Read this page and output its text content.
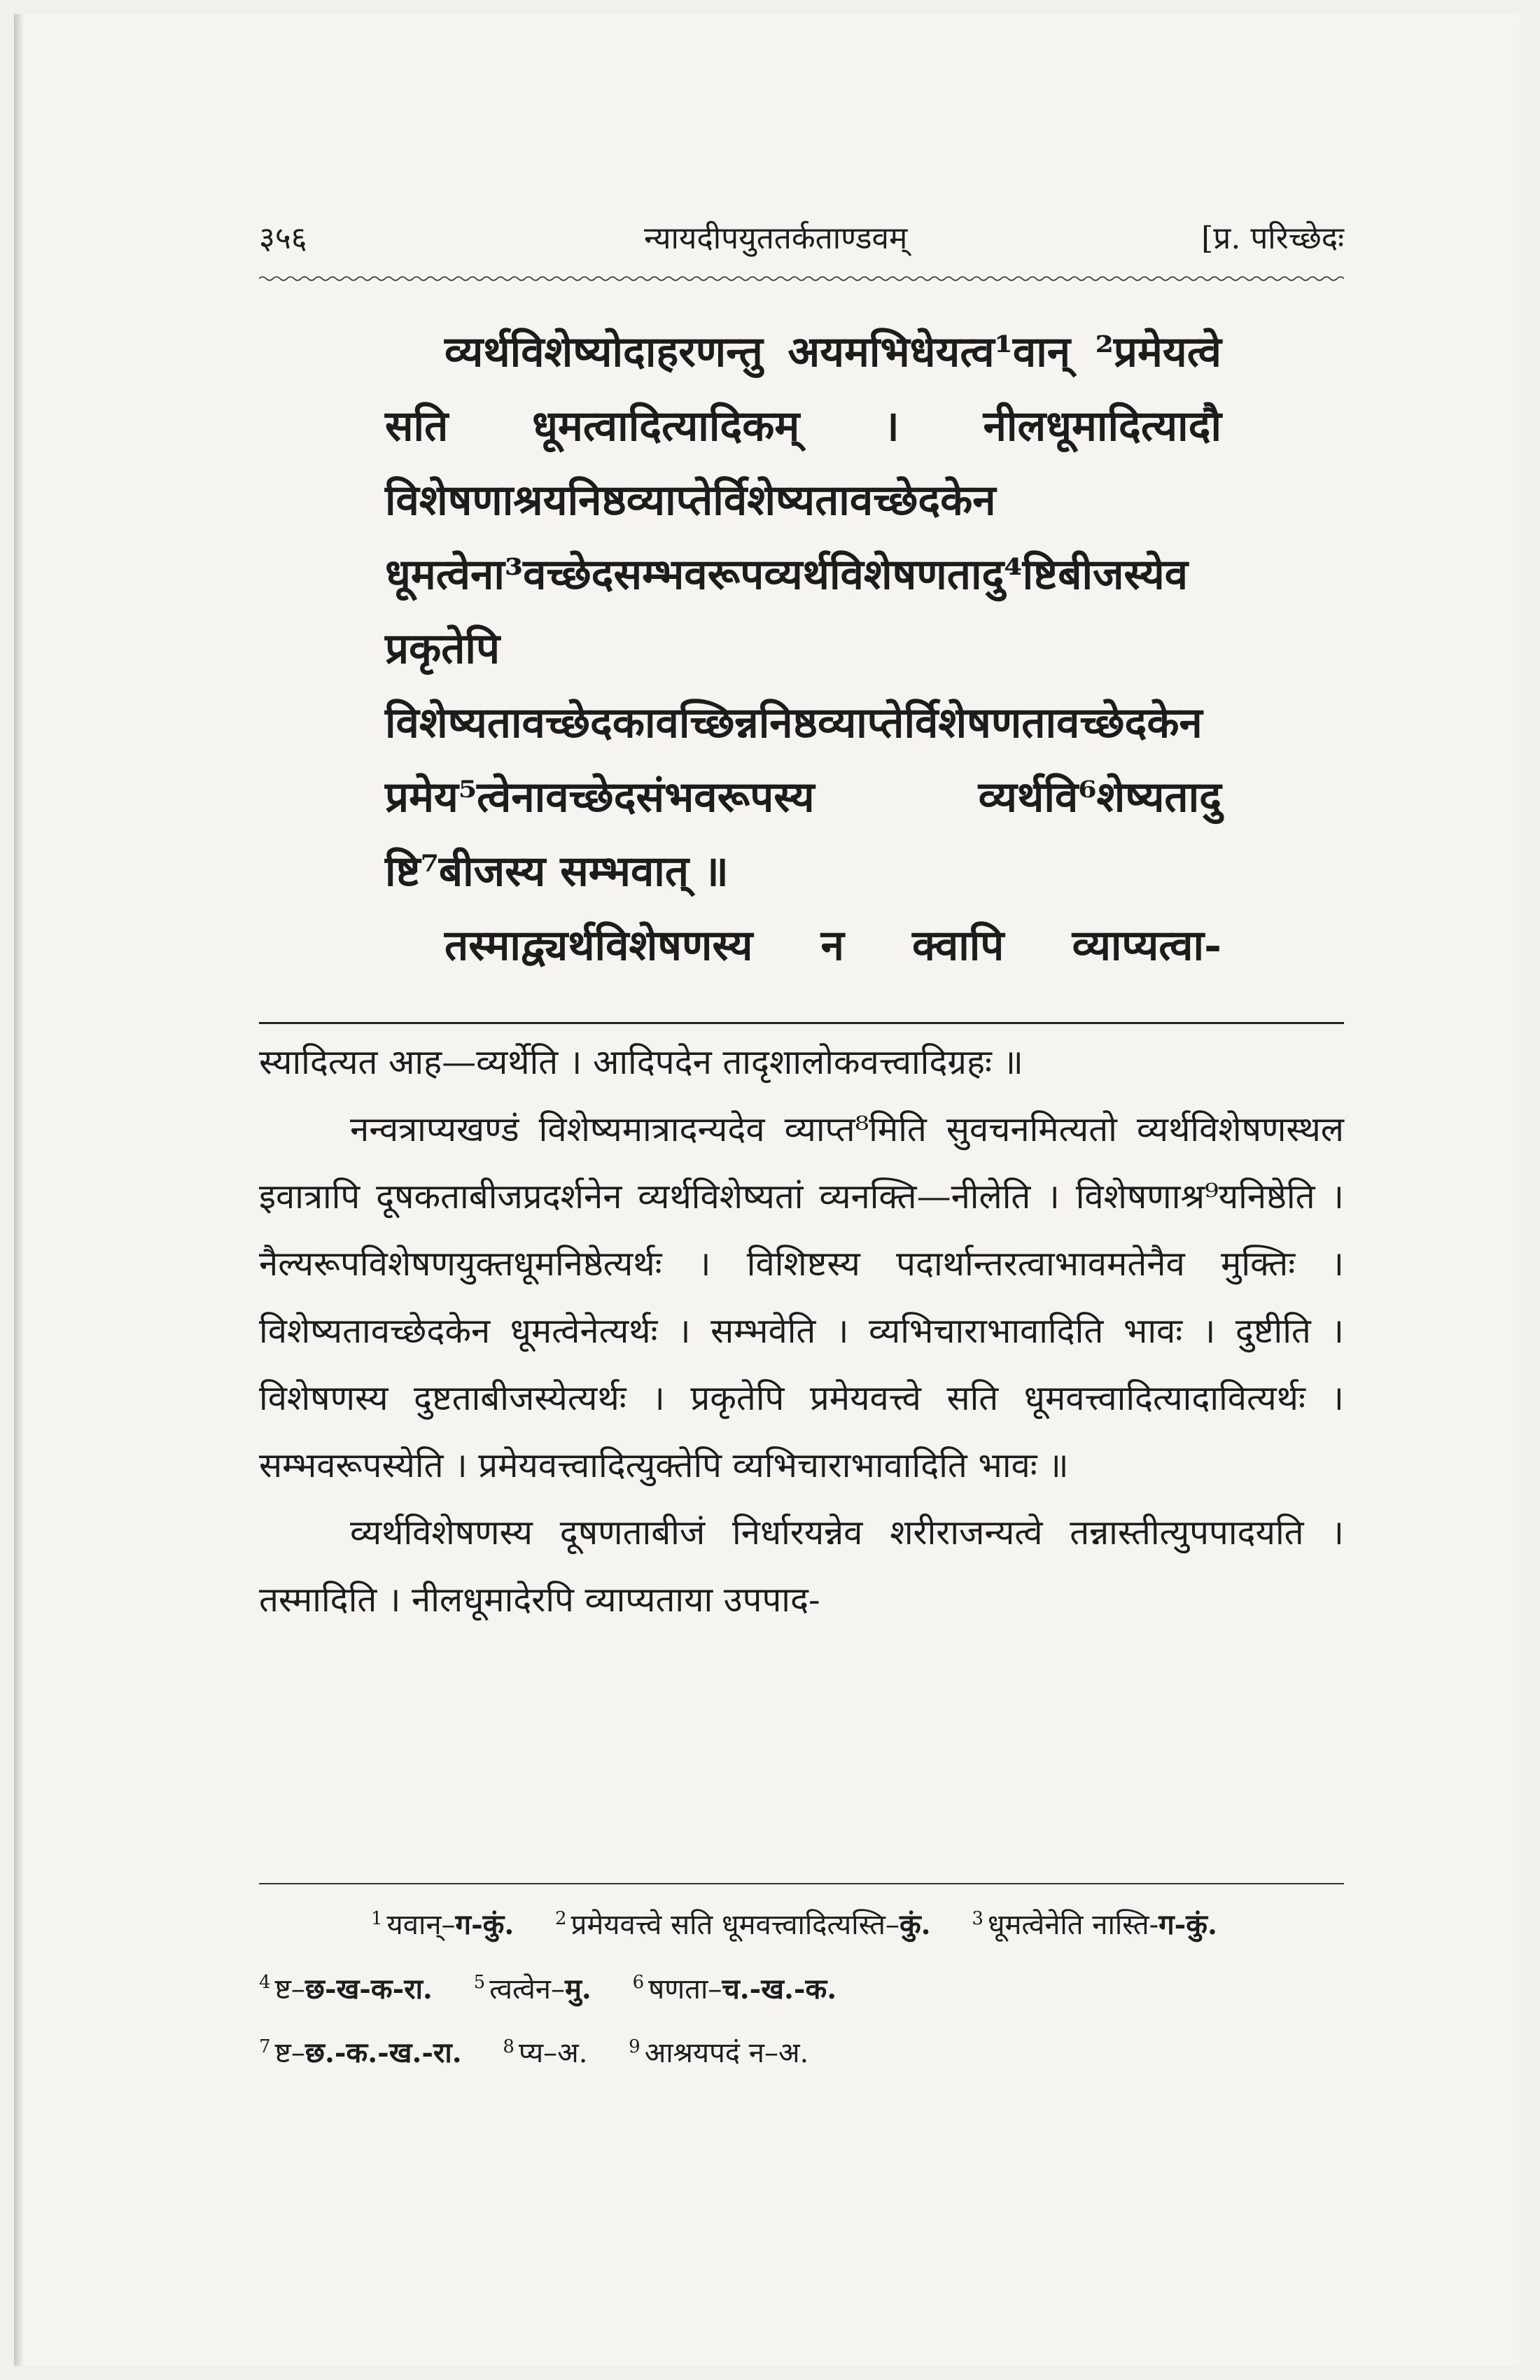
३५६	न्यायदीपयुततर्कताण्डवम्	[प्र. परिच्छेदः

व्यर्थविशेष्योदाहरणन्तु अयमभिधेयत्व¹वान् ²प्रमेयत्वे सति धूमत्वादित्यादिकम् । नीलधूमादित्यादौ विशेषणाश्रयनिष्ठव्याप्तेर्विशेष्यतावच्छेदकेन धूमत्वेना³वच्छेदसम्भवरूपव्यर्थविशेषणतादु⁴ष्टिबीजस्येव प्रकृतेपि विशेष्यतावच्छेदकावच्छिन्ननिष्ठव्याप्तेर्विशेषणतावच्छेदकेन प्रमेय⁵त्वेनावच्छेदसंभवरूपस्य व्यर्थवि⁶शेष्यतादु ष्टि⁷बीजस्य सम्भवात् ॥

तस्माद्व्यर्थविशेषणस्य न क्वापि व्याप्यत्वा-

स्यादित्यत आह—व्यर्थेति । आदिपदेन तादृशालोकवत्त्वादिग्रहः ॥

नन्वत्राप्यखण्डं विशेष्यमात्रादन्यदेव व्याप्त⁸मिति सुवचनमित्यतो व्यर्थविशेषणस्थल इवात्रापि दूषकताबीजप्रदर्शनेन व्यर्थविशेष्यतां व्यनक्ति—नीलेति । विशेषणाश्र⁹यनिष्ठेति । नैल्यरूपविशेषणयुक्तधूमनिष्ठेत्यर्थः । विशिष्टस्य पदार्थान्तरत्वाभावमतेनैव मुक्तिः । विशेष्यतावच्छेदकेन धूमत्वेनेत्यर्थः । सम्भवेति । व्यभिचाराभावादिति भावः । दुष्टीति । विशेषणस्य दुष्टताबीजस्येत्यर्थः । प्रकृतेपि प्रमेयवत्त्वे सति धूमवत्त्वादित्यादावित्यर्थः । सम्भवरूपस्येति । प्रमेयवत्त्वादित्युक्तेपि व्यभिचाराभावादिति भावः ॥

व्यर्थविशेषणस्य दूषणताबीजं निर्धारयन्नेव शरीराजन्यत्वे तन्नास्तीत्युपपादयति । तस्मादिति । नीलधूमादेरपि व्याप्यताया उपपाद-

$^1$ यवान्–ग-कुं. $^2$ प्रमेयवत्त्वे सति धूमवत्त्वादित्यस्ति–कुं. $^3$ धूमत्वेनेति नास्ति-ग-कुं.
$^4$ ष्ट–छ-ख-क-रा. $^5$ त्वत्वेन–मु. $^6$ षणता–च.-ख.-क.
$^7$ ष्ट–छ.-क.-ख.-रा. $^8$ प्य–अ. $^9$ आश्रयपदं न–अ.
